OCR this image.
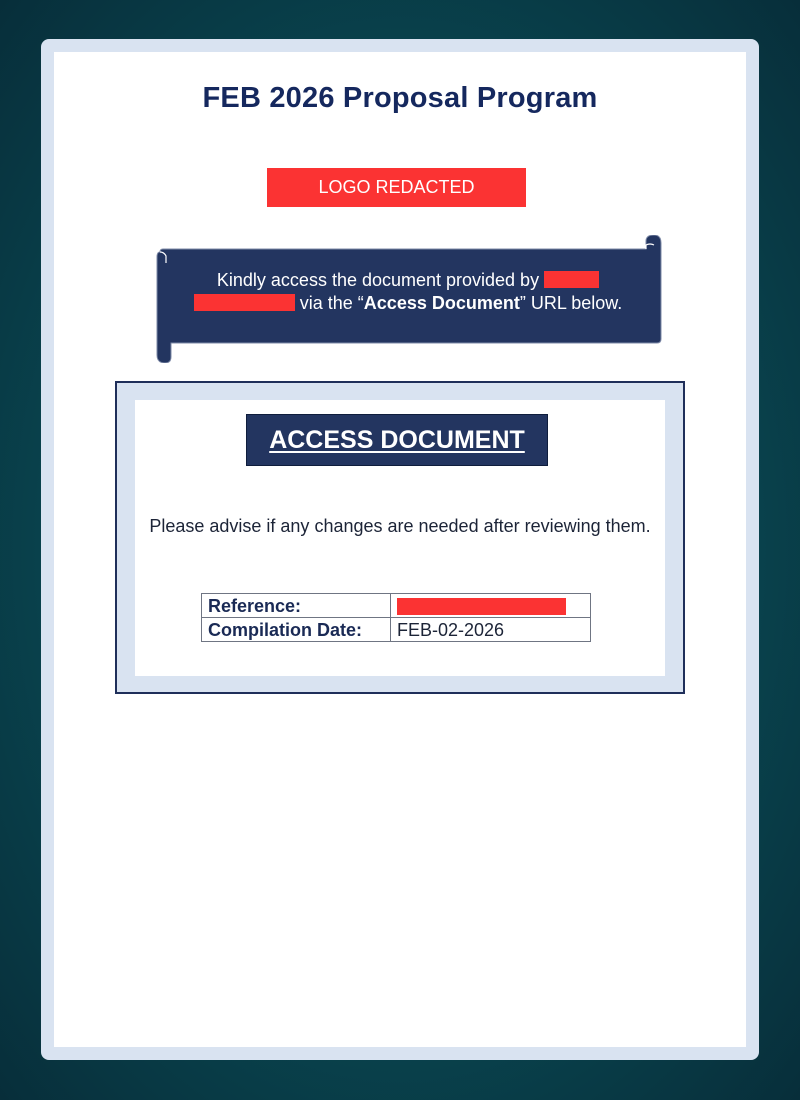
FEB 2026 Proposal Program
LOGO REDACTED
Kindly access the document provided by
via the “Access Document” URL below.
ACCESS DOCUMENT
Please advise if any changes are needed after reviewing them.
Reference:	
Compilation Date:	FEB-02-2026
